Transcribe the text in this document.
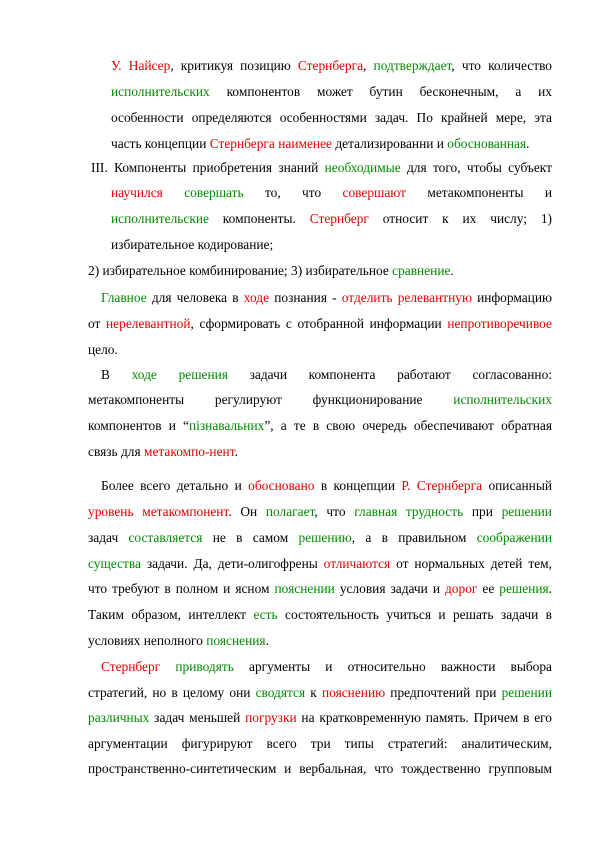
У. Найсер, критикуя позицию Стернберга, подтверждает, что количество
исполнительских компонентов может бутин бесконечным, а их
особенности определяются особенностями задач. По крайней мере, эта
часть концепции Стернберга наименее детализированни и обоснованная.
III. Компоненты приобретения знаний необходимые для того, чтобы субъект
научился совершать то, что совершают метакомпоненты и
исполнительские компоненты. Стернберг относит к их числу; 1)
избирательное кодирование;
2) избирательное комбинирование; 3) избирательное сравнение.
Главное для человека в ходе познания - отделить релевантную информацию
от нерелевантной, сформировать с отобранной информации непротиворечивое
цело.
В ходе решения задачи компонента работают согласованно:
метакомпоненты регулируют функционирование исполнительских
компонентов и “пізнавальних”, а те в свою очередь обеспечивают обратная
связь для метакомпо-нент.
Более всего детально и обосновано в концепции Р. Стернберга описанный
уровень метакомпонент. Он полагает, что главная трудность при решении
задач составляется не в самом решению, а в правильном соображении
существа задачи. Да, дети-олигофрены отличаются от нормальных детей тем,
что требуют в полном и ясном пояснении условия задачи и дорог ее решения.
Таким образом, интеллект есть состоятельность учиться и решать задачи в
условиях неполного пояснения.
Стернберг приводять аргументы и относительно важности выбора
стратегий, но в целому они сводятся к пояснению предпочтений при решении
различных задач меньшей погрузки на кратковременную память. Причем в его
аргументации фигурируют всего три типы стратегий: аналитическим,
пространственно-синтетическим и вербальная, что тождественно групповым
